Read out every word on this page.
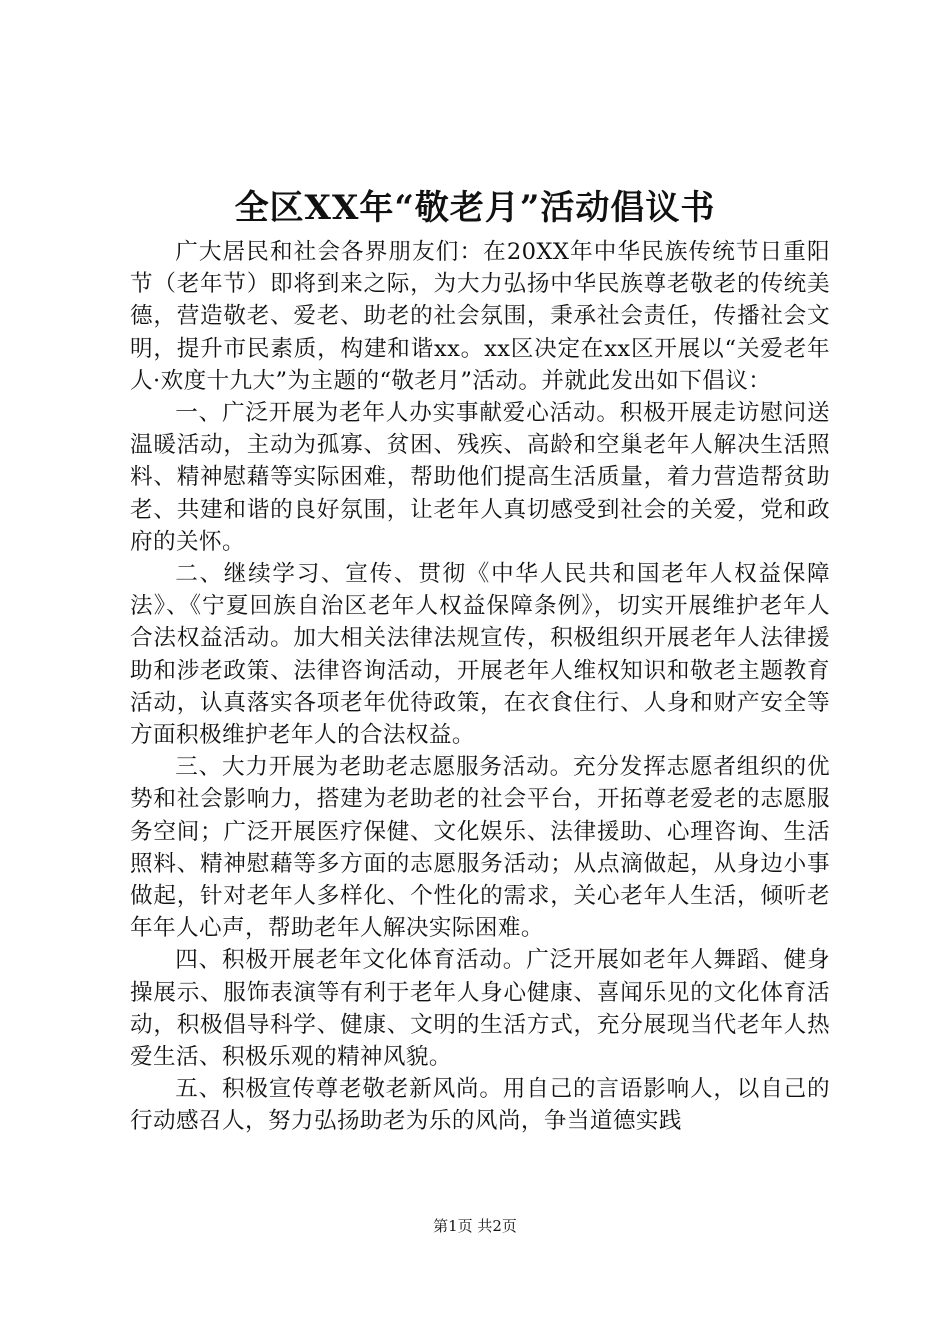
全区XX年“敬老月”活动倡议书

广大居民和社会各界朋友们：在20XX年中华民族传统节日重阳节（老年节）即将到来之际，为大力弘扬中华民族尊老敬老的传统美德，营造敬老、爱老、助老的社会氛围，秉承社会责任，传播社会文明，提升市民素质，构建和谐xx。xx区决定在xx区开展以“关爱老年人·欢度十九大”为主题的“敬老月”活动。并就此发出如下倡议：

一、广泛开展为老年人办实事献爱心活动。积极开展走访慰问送温暖活动，主动为孤寡、贫困、残疾、高龄和空巢老年人解决生活照料、精神慰藉等实际困难，帮助他们提高生活质量，着力营造帮贫助老、共建和谐的良好氛围，让老年人真切感受到社会的关爱，党和政府的关怀。

二、继续学习、宣传、贯彻《中华人民共和国老年人权益保障法》、《宁夏回族自治区老年人权益保障条例》，切实开展维护老年人合法权益活动。加大相关法律法规宣传，积极组织开展老年人法律援助和涉老政策、法律咨询活动，开展老年人维权知识和敬老主题教育活动，认真落实各项老年优待政策，在衣食住行、人身和财产安全等方面积极维护老年人的合法权益。

三、大力开展为老助老志愿服务活动。充分发挥志愿者组织的优势和社会影响力，搭建为老助老的社会平台，开拓尊老爱老的志愿服务空间；广泛开展医疗保健、文化娱乐、法律援助、心理咨询、生活照料、精神慰藉等多方面的志愿服务活动；从点滴做起，从身边小事做起，针对老年人多样化、个性化的需求，关心老年人生活，倾听老年年人心声，帮助老年人解决实际困难。

四、积极开展老年文化体育活动。广泛开展如老年人舞蹈、健身操展示、服饰表演等有利于老年人身心健康、喜闻乐见的文化体育活动，积极倡导科学、健康、文明的生活方式，充分展现当代老年人热爱生活、积极乐观的精神风貌。

五、积极宣传尊老敬老新风尚。用自己的言语影响人，以自己的行动感召人，努力弘扬助老为乐的风尚，争当道德实践

第1页 共2页
